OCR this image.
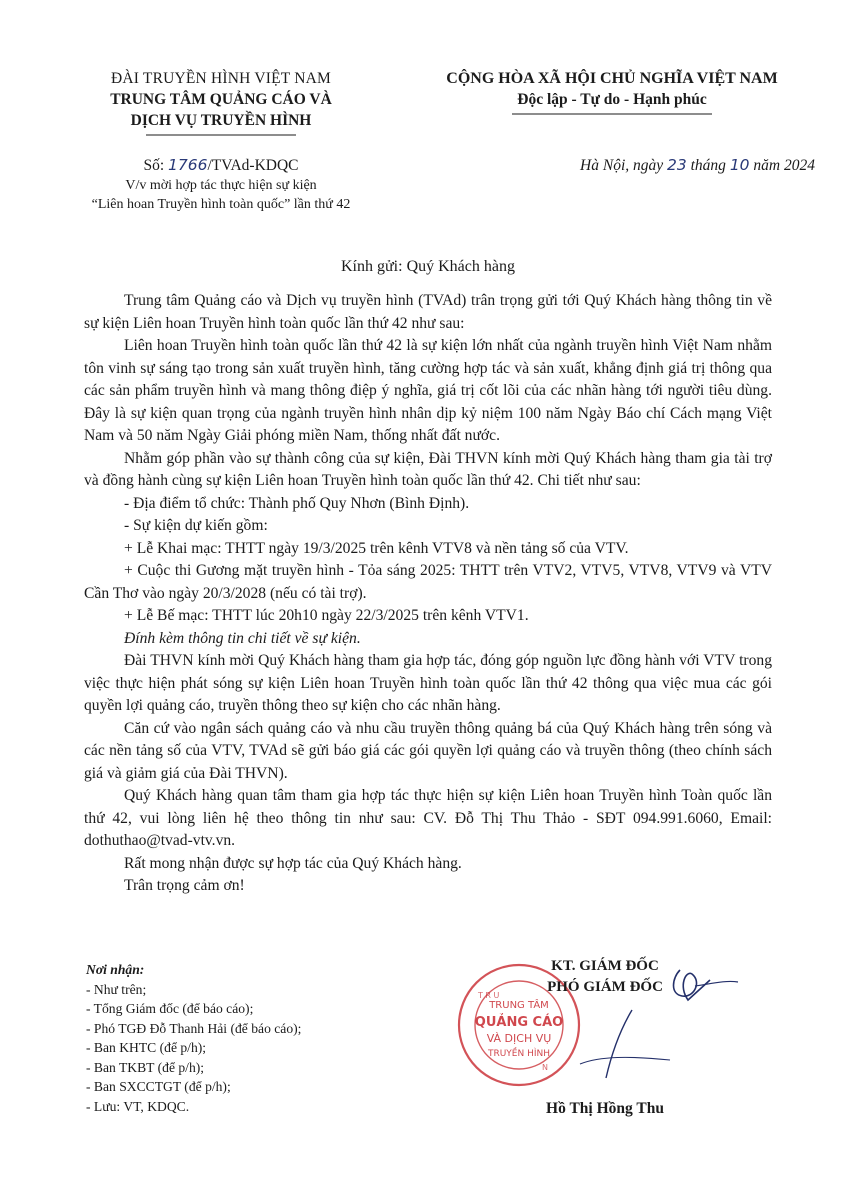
ĐÀI TRUYỀN HÌNH VIỆT NAM
TRUNG TÂM QUẢNG CÁO VÀ
DỊCH VỤ TRUYỀN HÌNH
CỘNG HÒA XÃ HỘI CHỦ NGHĨA VIỆT NAM
Độc lập - Tự do - Hạnh phúc
Số: 1766/TVAd-KDQC
V/v mời hợp tác thực hiện sự kiện
“Liên hoan Truyền hình toàn quốc” lần thứ 42
Hà Nội, ngày 23 tháng 10 năm 2024
Kính gửi: Quý Khách hàng

Trung tâm Quảng cáo và Dịch vụ truyền hình (TVAd) trân trọng gửi tới Quý Khách hàng thông tin về sự kiện Liên hoan Truyền hình toàn quốc lần thứ 42 như sau:

Liên hoan Truyền hình toàn quốc lần thứ 42 là sự kiện lớn nhất của ngành truyền hình Việt Nam nhằm tôn vinh sự sáng tạo trong sản xuất truyền hình, tăng cường hợp tác và sản xuất, khẳng định giá trị thông qua các sản phẩm truyền hình và mang thông điệp ý nghĩa, giá trị cốt lõi của các nhãn hàng tới người tiêu dùng. Đây là sự kiện quan trọng của ngành truyền hình nhân dịp kỷ niệm 100 năm Ngày Báo chí Cách mạng Việt Nam và 50 năm Ngày Giải phóng miền Nam, thống nhất đất nước.

Nhằm góp phần vào sự thành công của sự kiện, Đài THVN kính mời Quý Khách hàng tham gia tài trợ và đồng hành cùng sự kiện Liên hoan Truyền hình toàn quốc lần thứ 42. Chi tiết như sau:

- Địa điểm tổ chức: Thành phố Quy Nhơn (Bình Định).

- Sự kiện dự kiến gồm:

+ Lễ Khai mạc: THTT ngày 19/3/2025 trên kênh VTV8 và nền tảng số của VTV.

+ Cuộc thi Gương mặt truyền hình - Tỏa sáng 2025: THTT trên VTV2, VTV5, VTV8, VTV9 và VTV Cần Thơ vào ngày 20/3/2028 (nếu có tài trợ).

+ Lễ Bế mạc: THTT lúc 20h10 ngày 22/3/2025 trên kênh VTV1.

Đính kèm thông tin chi tiết về sự kiện.

Đài THVN kính mời Quý Khách hàng tham gia hợp tác, đóng góp nguồn lực đồng hành với VTV trong việc thực hiện phát sóng sự kiện Liên hoan Truyền hình toàn quốc lần thứ 42 thông qua việc mua các gói quyền lợi quảng cáo, truyền thông theo sự kiện cho các nhãn hàng.

Căn cứ vào ngân sách quảng cáo và nhu cầu truyền thông quảng bá của Quý Khách hàng trên sóng và các nền tảng số của VTV, TVAd sẽ gửi báo giá các gói quyền lợi quảng cáo và truyền thông (theo chính sách giá và giảm giá của Đài THVN).

Quý Khách hàng quan tâm tham gia hợp tác thực hiện sự kiện Liên hoan Truyền hình Toàn quốc lần thứ 42, vui lòng liên hệ theo thông tin như sau: CV. Đỗ Thị Thu Thảo - SĐT 094.991.6060, Email: dothuthao@tvad-vtv.vn.

Rất mong nhận được sự hợp tác của Quý Khách hàng.

Trân trọng cảm ơn!

Nơi nhận:
- Như trên;
- Tổng Giám đốc (để báo cáo);
- Phó TGĐ Đỗ Thanh Hải (để báo cáo);
- Ban KHTC (để p/h);
- Ban TKBT (để p/h);
- Ban SXCCTGT (để p/h);
- Lưu: VT, KDQC.
TRUNG TÂM
QUẢNG CÁO
VÀ DỊCH VỤ
TRUYỀN HÌNH
T R U
N
KT. GIÁM ĐỐC
PHÓ GIÁM ĐỐC
Hồ Thị Hồng Thu
